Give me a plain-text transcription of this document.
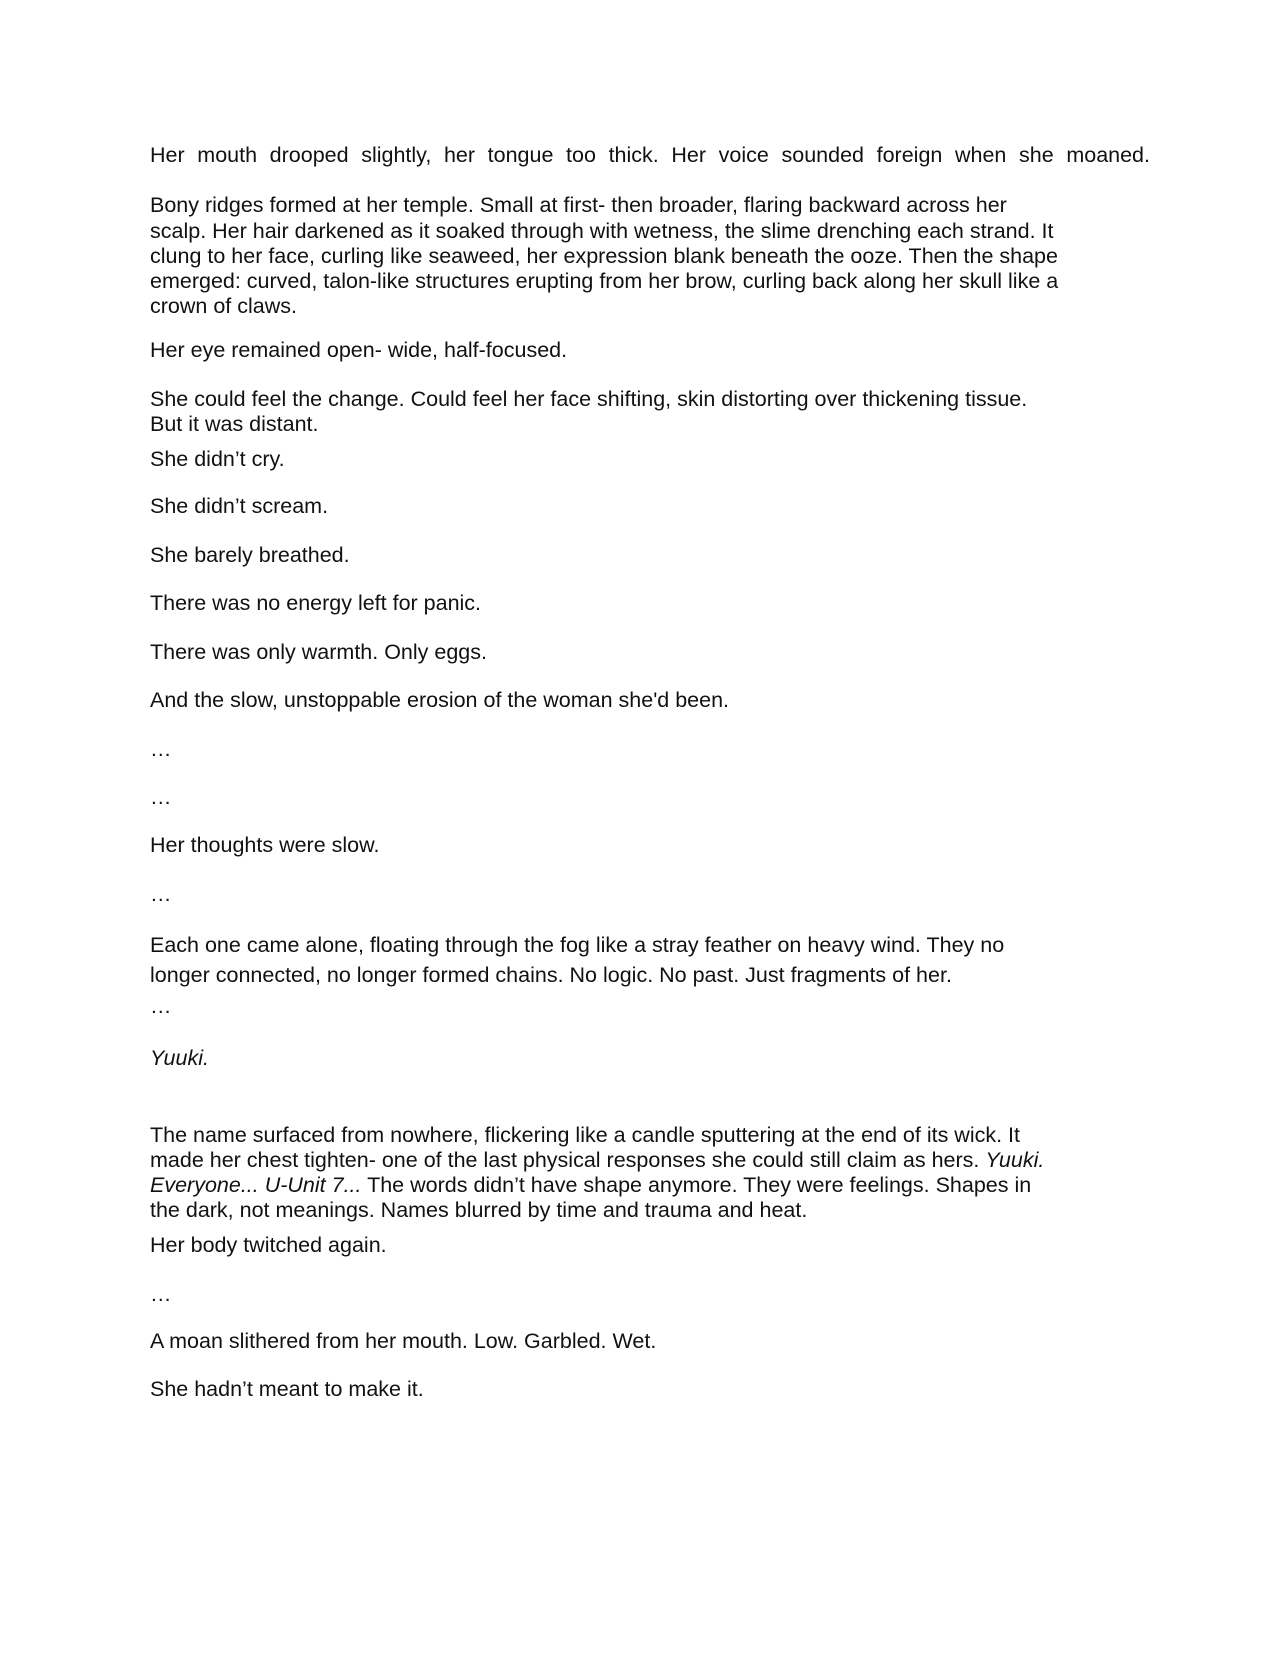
Her mouth drooped slightly, her tongue too thick. Her voice sounded foreign when she moaned.

Bony ridges formed at her temple. Small at first- then broader, flaring backward across her
scalp. Her hair darkened as it soaked through with wetness, the slime drenching each strand. It
clung to her face, curling like seaweed, her expression blank beneath the ooze. Then the shape
emerged: curved, talon-like structures erupting from her brow, curling back along her skull like a
crown of claws.

Her eye remained open- wide, half-focused.

She could feel the change. Could feel her face shifting, skin distorting over thickening tissue.
But it was distant.

She didn’t cry.

She didn’t scream.

She barely breathed.

There was no energy left for panic.

There was only warmth. Only eggs.

And the slow, unstoppable erosion of the woman she'd been.

…

…

Her thoughts were slow.

…

Each one came alone, floating through the fog like a stray feather on heavy wind. They no
longer connected, no longer formed chains. No logic. No past. Just fragments of her.

…

Yuuki.

The name surfaced from nowhere, flickering like a candle sputtering at the end of its wick. It
made her chest tighten- one of the last physical responses she could still claim as hers. Yuuki.
Everyone... U-Unit 7... The words didn’t have shape anymore. They were feelings. Shapes in
the dark, not meanings. Names blurred by time and trauma and heat.

Her body twitched again.

…

A moan slithered from her mouth. Low. Garbled. Wet.

She hadn’t meant to make it.
